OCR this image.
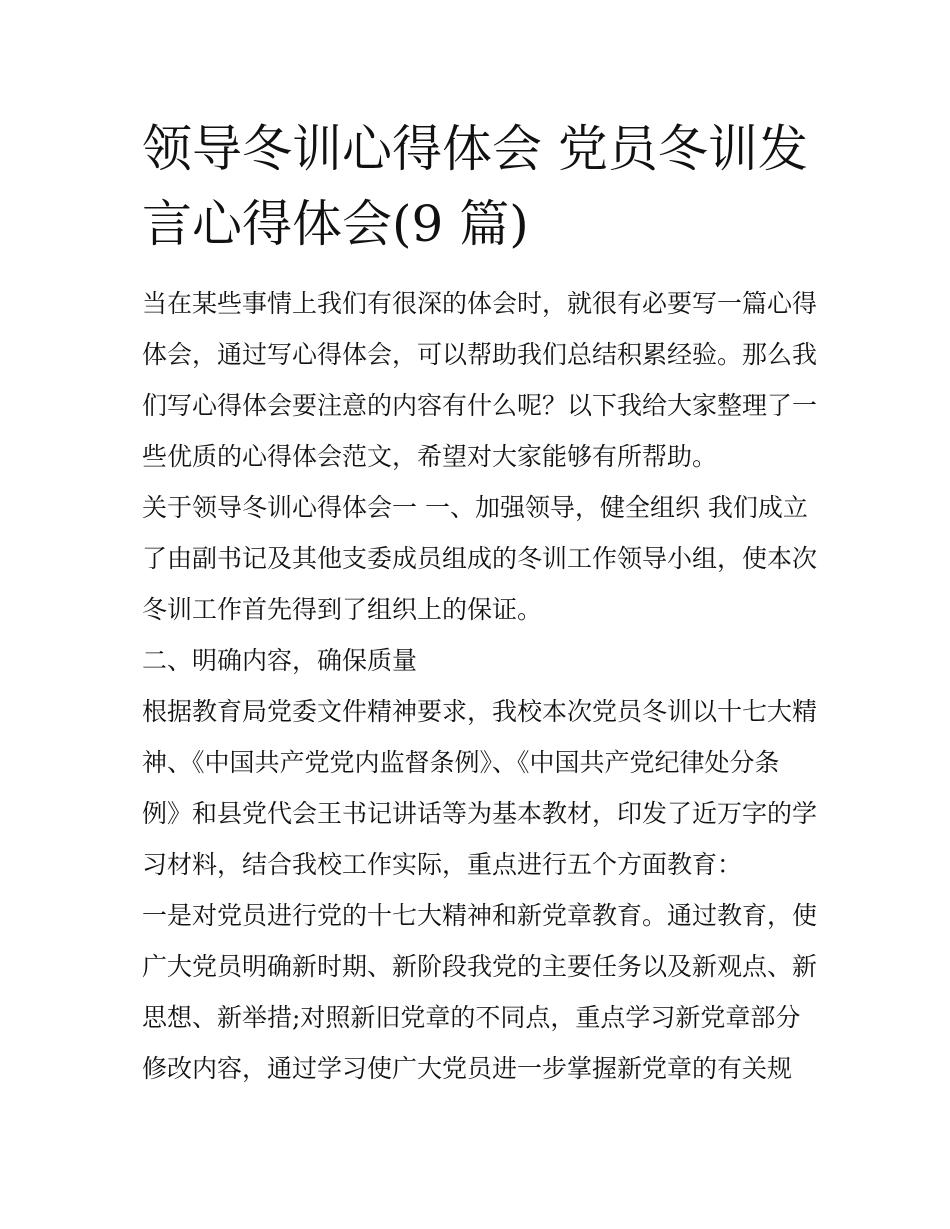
领导冬训心得体会 党员冬训发
言心得体会(9 篇)
当在某些事情上我们有很深的体会时，就很有必要写一篇心得
体会，通过写心得体会，可以帮助我们总结积累经验。那么我
们写心得体会要注意的内容有什么呢？以下我给大家整理了一
些优质的心得体会范文，希望对大家能够有所帮助。
关于领导冬训心得体会一 一、加强领导，健全组织 我们成立
了由副书记及其他支委成员组成的冬训工作领导小组，使本次
冬训工作首先得到了组织上的保证。
二、明确内容，确保质量
根据教育局党委文件精神要求，我校本次党员冬训以十七大精
神、《中国共产党党内监督条例》、《中国共产党纪律处分条
例》和县党代会王书记讲话等为基本教材，印发了近万字的学
习材料，结合我校工作实际，重点进行五个方面教育：
一是对党员进行党的十七大精神和新党章教育。通过教育，使
广大党员明确新时期、新阶段我党的主要任务以及新观点、新
思想、新举措;对照新旧党章的不同点，重点学习新党章部分
修改内容，通过学习使广大党员进一步掌握新党章的有关规
